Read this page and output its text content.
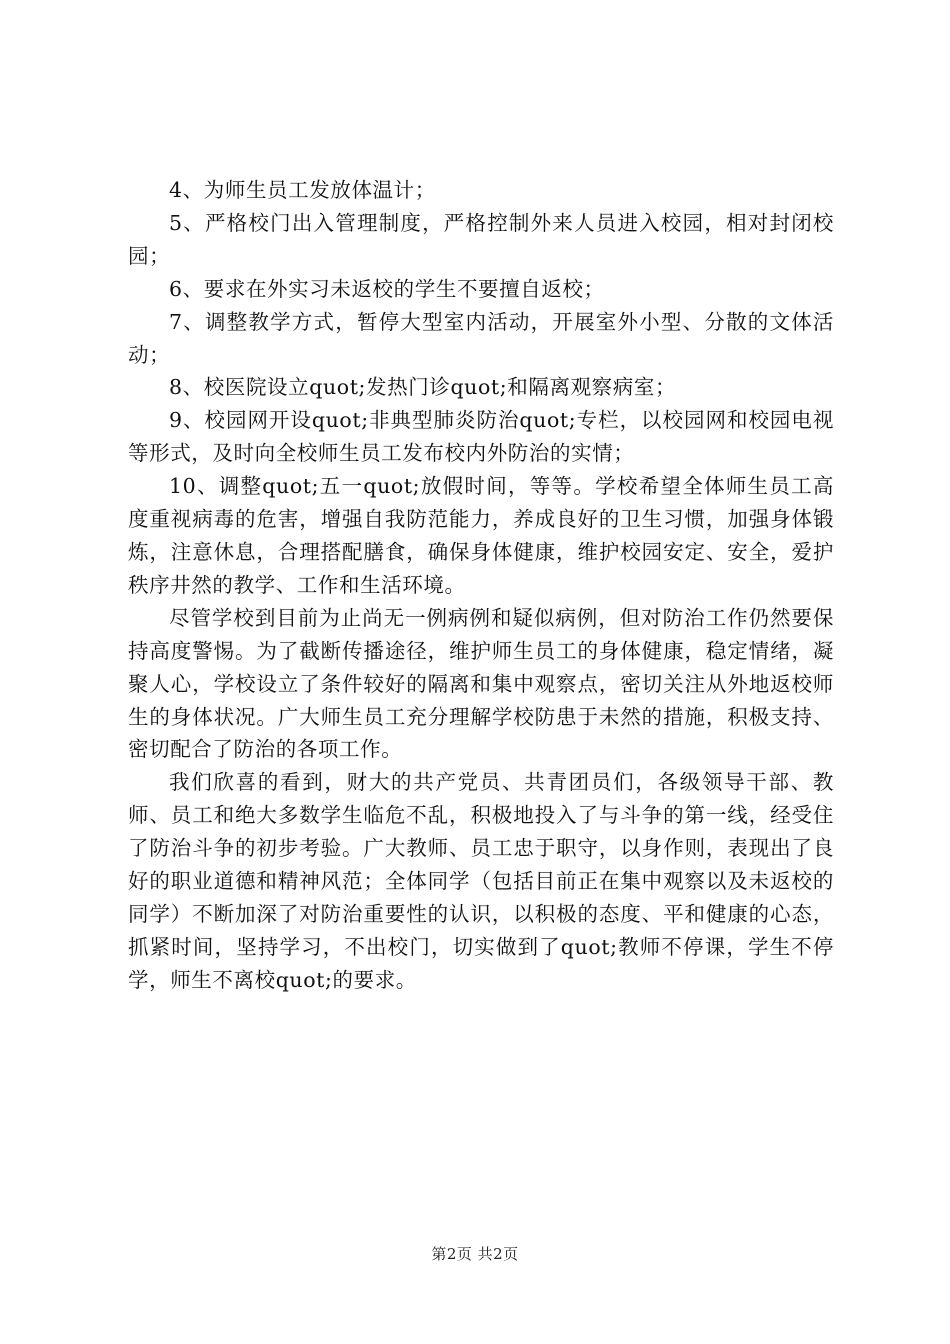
4、为师生员工发放体温计；

5、严格校门出入管理制度，严格控制外来人员进入校园，相对封闭校园；

6、要求在外实习未返校的学生不要擅自返校；

7、调整教学方式，暂停大型室内活动，开展室外小型、分散的文体活动；

8、校医院设立quot;发热门诊quot;和隔离观察病室；

9、校园网开设quot;非典型肺炎防治quot;专栏，以校园网和校园电视等形式，及时向全校师生员工发布校内外防治的实情；

10、调整quot;五一quot;放假时间，等等。学校希望全体师生员工高度重视病毒的危害，增强自我防范能力，养成良好的卫生习惯，加强身体锻炼，注意休息，合理搭配膳食，确保身体健康，维护校园安定、安全，爱护秩序井然的教学、工作和生活环境。

尽管学校到目前为止尚无一例病例和疑似病例，但对防治工作仍然要保持高度警惕。为了截断传播途径，维护师生员工的身体健康，稳定情绪，凝聚人心，学校设立了条件较好的隔离和集中观察点，密切关注从外地返校师生的身体状况。广大师生员工充分理解学校防患于未然的措施，积极支持、密切配合了防治的各项工作。

我们欣喜的看到，财大的共产党员、共青团员们，各级领导干部、教师、员工和绝大多数学生临危不乱，积极地投入了与斗争的第一线，经受住了防治斗争的初步考验。广大教师、员工忠于职守，以身作则，表现出了良好的职业道德和精神风范；全体同学（包括目前正在集中观察以及未返校的同学）不断加深了对防治重要性的认识，以积极的态度、平和健康的心态，抓紧时间，坚持学习，不出校门，切实做到了quot;教师不停课，学生不停学，师生不离校quot;的要求。

第2页 共2页
